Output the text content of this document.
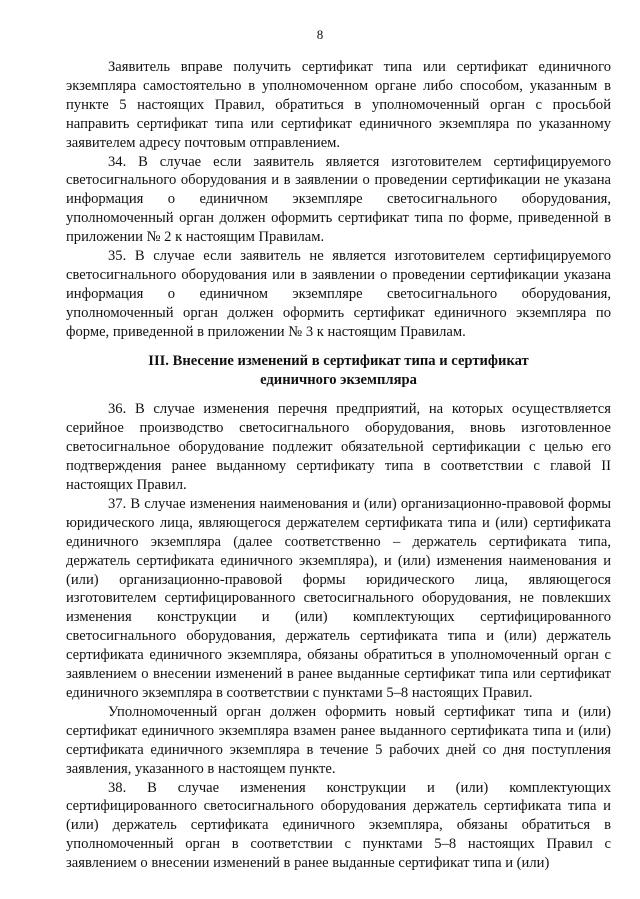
8

Заявитель вправе получить сертификат типа или сертификат единичного экземпляра самостоятельно в уполномоченном органе либо способом, указанным в пункте 5 настоящих Правил, обратиться в уполномоченный орган с просьбой направить сертификат типа или сертификат единичного экземпляра по указанному заявителем адресу почтовым отправлением.

34. В случае если заявитель является изготовителем сертифицируемого светосигнального оборудования и в заявлении о проведении сертификации не указана информация о единичном экземпляре светосигнального оборудования, уполномоченный орган должен оформить сертификат типа по форме, приведенной в приложении № 2 к настоящим Правилам.

35. В случае если заявитель не является изготовителем сертифицируемого светосигнального оборудования или в заявлении о проведении сертификации указана информация о единичном экземпляре светосигнального оборудования, уполномоченный орган должен оформить сертификат единичного экземпляра по форме, приведенной в приложении № 3 к настоящим Правилам.

III. Внесение изменений в сертификат типа и сертификат
единичного экземпляра

36. В случае изменения перечня предприятий, на которых осуществляется серийное производство светосигнального оборудования, вновь изготовленное светосигнальное оборудование подлежит обязательной сертификации с целью его подтверждения ранее выданному сертификату типа в соответствии с главой II настоящих Правил.

37. В случае изменения наименования и (или) организационно-правовой формы юридического лица, являющегося держателем сертификата типа и (или) сертификата единичного экземпляра (далее соответственно – держатель сертификата типа, держатель сертификата единичного экземпляра), и (или) изменения наименования и (или) организационно-правовой формы юридического лица, являющегося изготовителем сертифицированного светосигнального оборудования, не повлекших изменения конструкции и (или) комплектующих сертифицированного светосигнального оборудования, держатель сертификата типа и (или) держатель сертификата единичного экземпляра, обязаны обратиться в уполномоченный орган с заявлением о внесении изменений в ранее выданные сертификат типа или сертификат единичного экземпляра в соответствии с пунктами 5–8 настоящих Правил.

Уполномоченный орган должен оформить новый сертификат типа и (или) сертификат единичного экземпляра взамен ранее выданного сертификата типа и (или) сертификата единичного экземпляра в течение 5 рабочих дней со дня поступления заявления, указанного в настоящем пункте.

38. В случае изменения конструкции и (или) комплектующих сертифицированного светосигнального оборудования держатель сертификата типа и (или) держатель сертификата единичного экземпляра, обязаны обратиться в уполномоченный орган в соответствии с пунктами 5–8 настоящих Правил с заявлением о внесении изменений в ранее выданные сертификат типа и (или)
